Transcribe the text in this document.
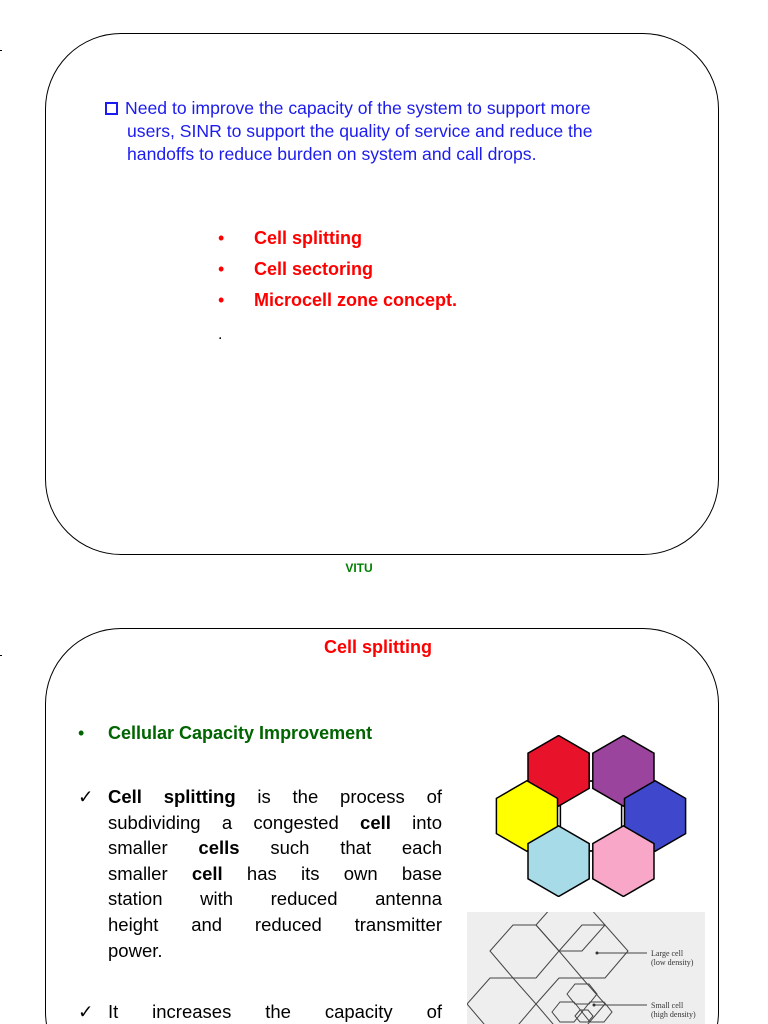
Need to improve the capacity of the system to support more
users, SINR to support the quality of service and reduce the
handoffs to reduce burden on system and call drops.
• Cell splitting
• Cell sectoring
• Microcell zone concept.
.
VITU
Cell splitting
• Cellular Capacity Improvement
✓ Cell splitting is the process of
subdividing a congested cell into
smaller cells such that each
smaller cell has its own base
station with reduced antenna
height and reduced transmitter
power.
✓ It increases the capacity of
Large cell
(low density)
Small cell
(high density)
